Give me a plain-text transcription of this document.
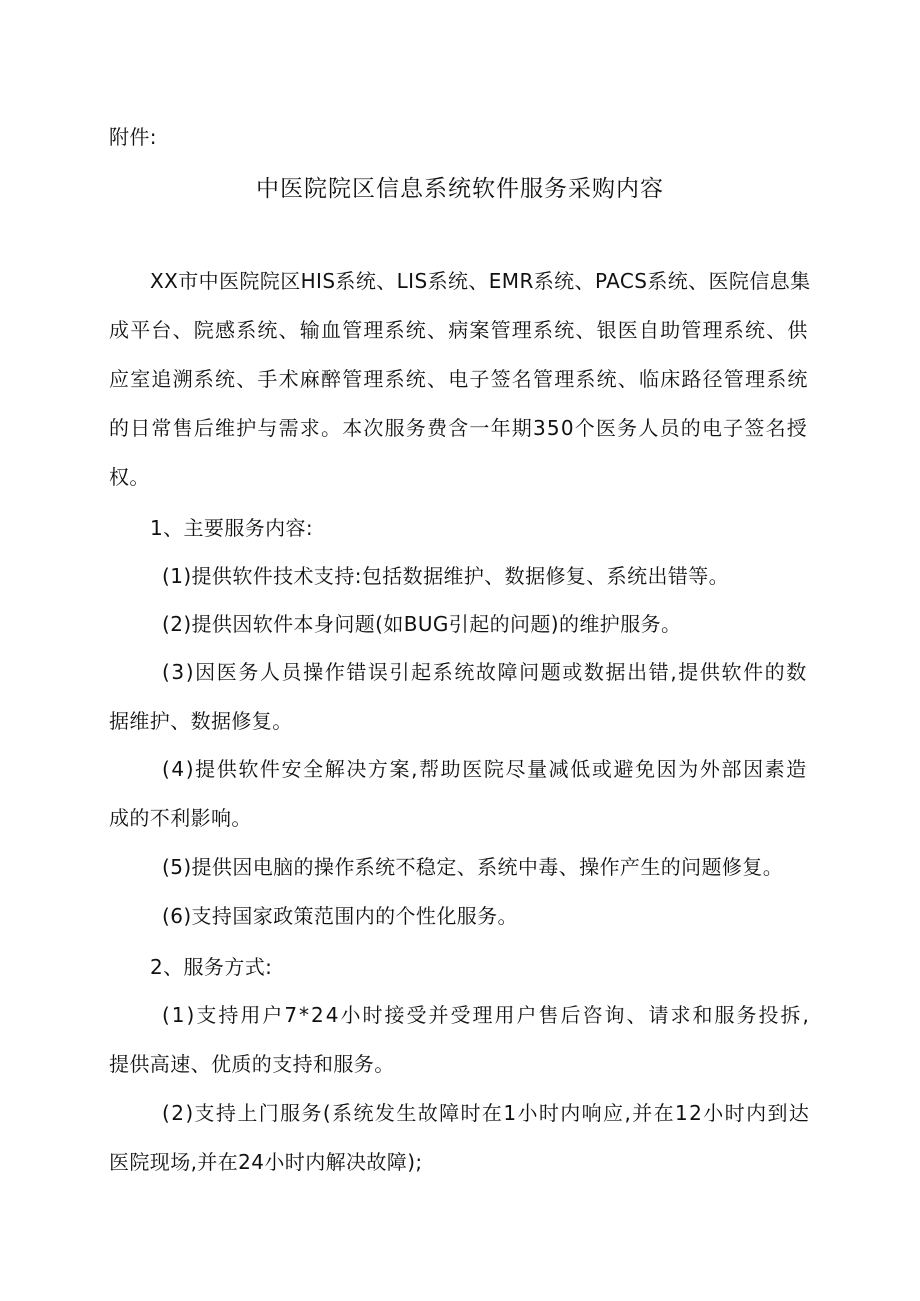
附件:
中医院院区信息系统软件服务采购内容
XX市中医院院区HIS系统、LIS系统、EMR系统、PACS系统、医院信息集
成平台、院感系统、输血管理系统、病案管理系统、银医自助管理系统、供
应室追溯系统、手术麻醉管理系统、电子签名管理系统、临床路径管理系统
的日常售后维护与需求。本次服务费含一年期350个医务人员的电子签名授
权。
1、主要服务内容:
(1)提供软件技术支持:包括数据维护、数据修复、系统出错等。
(2)提供因软件本身问题(如BUG引起的问题)的维护服务。
(3)因医务人员操作错误引起系统故障问题或数据出错,提供软件的数
据维护、数据修复。
(4)提供软件安全解决方案,帮助医院尽量减低或避免因为外部因素造
成的不利影响。
(5)提供因电脑的操作系统不稳定、系统中毒、操作产生的问题修复。
(6)支持国家政策范围内的个性化服务。
2、服务方式:
(1)支持用户7*24小时接受并受理用户售后咨询、请求和服务投拆,
提供高速、优质的支持和服务。
(2)支持上门服务(系统发生故障时在1小时内响应,并在12小时内到达
医院现场,并在24小时内解决故障);
